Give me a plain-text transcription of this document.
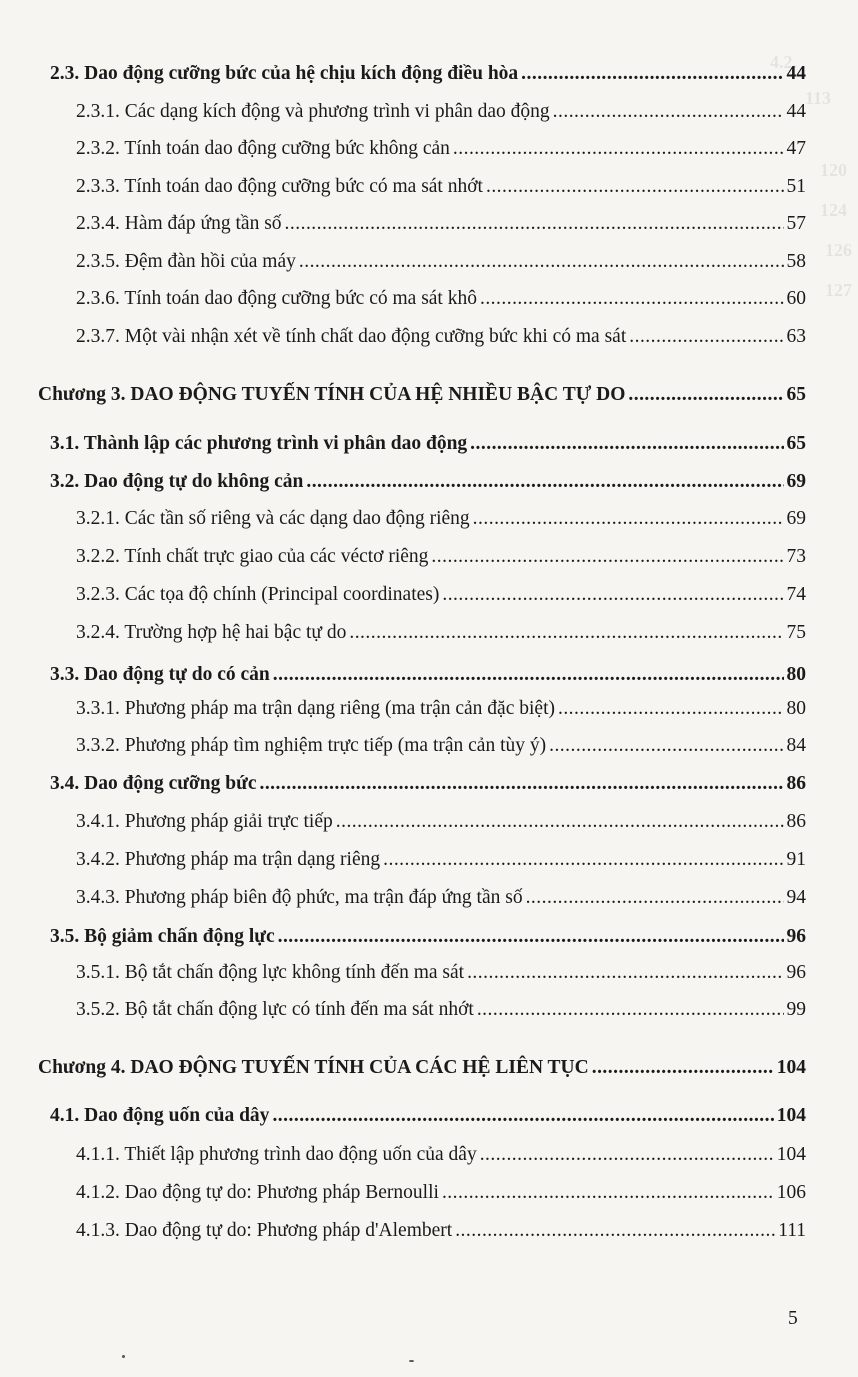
4.2.
113
120
124
126
127
2.3. Dao động cưỡng bức của hệ chịu kích động điều hòa . . .	44
2.3.1. Các dạng kích động và phương trình vi phân dao động . . .	44
2.3.2. Tính toán dao động cưỡng bức không cản . . .	47
2.3.3. Tính toán dao động cưỡng bức có ma sát nhớt . . .	51
2.3.4. Hàm đáp ứng tần số . . .	57
2.3.5. Đệm đàn hồi của máy . . .	58
2.3.6. Tính toán dao động cưỡng bức có ma sát khô . . .	60
2.3.7. Một vài nhận xét về tính chất dao động cưỡng bức khi có ma sát . . .	63
Chương 3. DAO ĐỘNG TUYẾN TÍNH CỦA HỆ NHIỀU BẬC TỰ DO . . .	65
3.1. Thành lập các phương trình vi phân dao động . . .	65
3.2. Dao động tự do không cản . . .	69
3.2.1. Các tần số riêng và các dạng dao động riêng . . .	69
3.2.2. Tính chất trực giao của các véctơ riêng . . .	73
3.2.3. Các tọa độ chính (Principal coordinates) . . .	74
3.2.4. Trường hợp hệ hai bậc tự do . . .	75
3.3. Dao động tự do có cản . . .	80
3.3.1. Phương pháp ma trận dạng riêng (ma trận cản đặc biệt) . . .	80
3.3.2. Phương pháp tìm nghiệm trực tiếp (ma trận cản tùy ý) . . .	84
3.4. Dao động cưỡng bức . . .	86
3.4.1. Phương pháp giải trực tiếp . . .	86
3.4.2. Phương pháp ma trận dạng riêng . . .	91
3.4.3. Phương pháp biên độ phức, ma trận đáp ứng tần số . . .	94
3.5. Bộ giảm chấn động lực . . .	96
3.5.1. Bộ tắt chấn động lực không tính đến ma sát . . .	96
3.5.2. Bộ tắt chấn động lực có tính đến ma sát nhớt . . .	99
Chương 4. DAO ĐỘNG TUYẾN TÍNH CỦA CÁC HỆ LIÊN TỤC . . .	104
4.1. Dao động uốn của dây . . .	104
4.1.1. Thiết lập phương trình dao động uốn của dây . . .	104
4.1.2. Dao động tự do: Phương pháp Bernoulli . . .	106
4.1.3. Dao động tự do: Phương pháp d'Alembert . . .	111
5
